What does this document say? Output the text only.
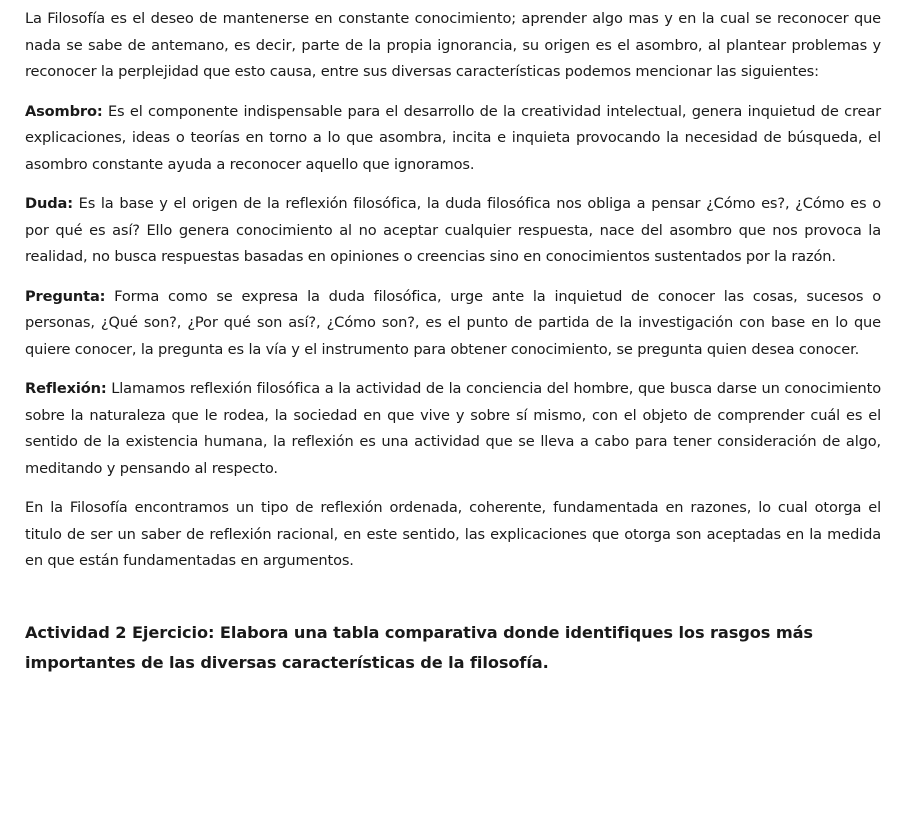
La Filosofía es el deseo de mantenerse en constante conocimiento; aprender algo mas y en la cual se reconocer que nada se sabe de antemano, es decir, parte de la propia ignorancia, su origen es el asombro, al plantear problemas y reconocer la perplejidad que esto causa, entre sus diversas características podemos mencionar las siguientes:

Asombro: Es el componente indispensable para el desarrollo de la creatividad intelectual, genera inquietud de crear explicaciones, ideas o teorías en torno a lo que asombra, incita e inquieta provocando la necesidad de búsqueda, el asombro constante ayuda a reconocer aquello que ignoramos.

Duda: Es la base y el origen de la reflexión filosófica, la duda filosófica nos obliga a pensar ¿Cómo es?, ¿Cómo es o por qué es así? Ello genera conocimiento al no aceptar cualquier respuesta, nace del asombro que nos provoca la realidad, no busca respuestas basadas en opiniones o creencias sino en conocimientos sustentados por la razón.

Pregunta: Forma como se expresa la duda filosófica, urge ante la inquietud de conocer las cosas, sucesos o personas, ¿Qué son?, ¿Por qué son así?, ¿Cómo son?, es el punto de partida de la investigación con base en lo que quiere conocer, la pregunta es la vía y el instrumento para obtener conocimiento, se pregunta quien desea conocer.

Reflexión: Llamamos reflexión filosófica a la actividad de la conciencia del hombre, que busca darse un conocimiento sobre la naturaleza que le rodea, la sociedad en que vive y sobre sí mismo, con el objeto de comprender cuál es el sentido de la existencia humana, la reflexión es una actividad que se lleva a cabo para tener consideración de algo, meditando y pensando al respecto.

En la Filosofía encontramos un tipo de reflexión ordenada, coherente, fundamentada en razones, lo cual otorga el titulo de ser un saber de reflexión racional, en este sentido, las explicaciones que otorga son aceptadas en la medida en que están fundamentadas en argumentos.

Actividad 2 Ejercicio: Elabora una tabla comparativa donde identifiques los rasgos más importantes de las diversas características de la filosofía.
